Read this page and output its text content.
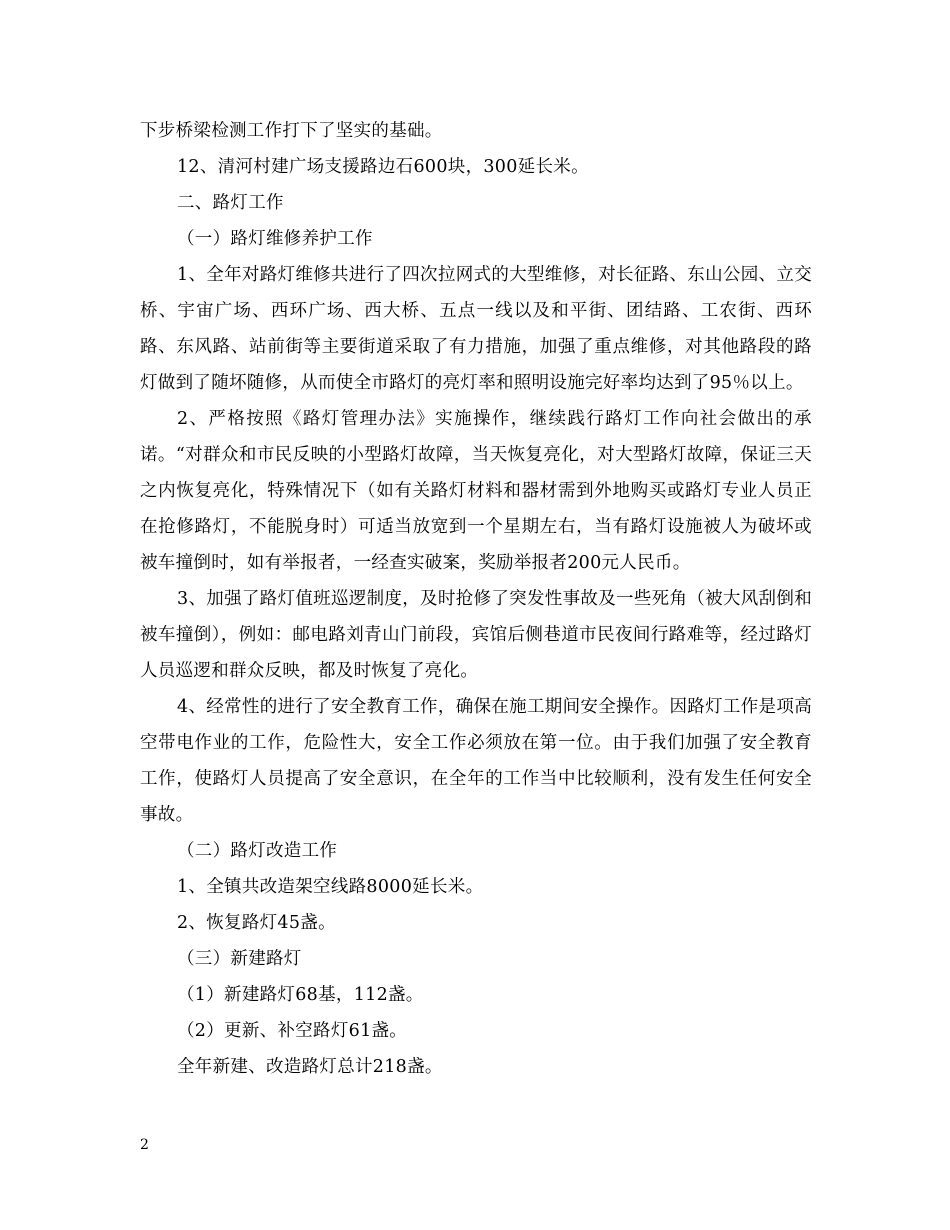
下步桥梁检测工作打下了坚实的基础。

12、清河村建广场支援路边石600块，300延长米。

二、路灯工作

（一）路灯维修养护工作

1、全年对路灯维修共进行了四次拉网式的大型维修，对长征路、东山公园、立交桥、宇宙广场、西环广场、西大桥、五点一线以及和平街、团结路、工农街、西环路、东风路、站前街等主要街道采取了有力措施，加强了重点维修，对其他路段的路灯做到了随坏随修，从而使全市路灯的亮灯率和照明设施完好率均达到了95％以上。

2、严格按照《路灯管理办法》实施操作，继续践行路灯工作向社会做出的承诺。“对群众和市民反映的小型路灯故障，当天恢复亮化，对大型路灯故障，保证三天之内恢复亮化，特殊情况下（如有关路灯材料和器材需到外地购买或路灯专业人员正在抢修路灯，不能脱身时）可适当放宽到一个星期左右，当有路灯设施被人为破坏或被车撞倒时，如有举报者，一经查实破案，奖励举报者200元人民币。

3、加强了路灯值班巡逻制度，及时抢修了突发性事故及一些死角（被大风刮倒和被车撞倒），例如：邮电路刘青山门前段，宾馆后侧巷道市民夜间行路难等，经过路灯人员巡逻和群众反映，都及时恢复了亮化。

4、经常性的进行了安全教育工作，确保在施工期间安全操作。因路灯工作是项高空带电作业的工作，危险性大，安全工作必须放在第一位。由于我们加强了安全教育工作，使路灯人员提高了安全意识，在全年的工作当中比较顺利，没有发生任何安全事故。

（二）路灯改造工作

1、全镇共改造架空线路8000延长米。

2、恢复路灯45盏。

（三）新建路灯

（1）新建路灯68基，112盏。

（2）更新、补空路灯61盏。

全年新建、改造路灯总计218盏。

2
